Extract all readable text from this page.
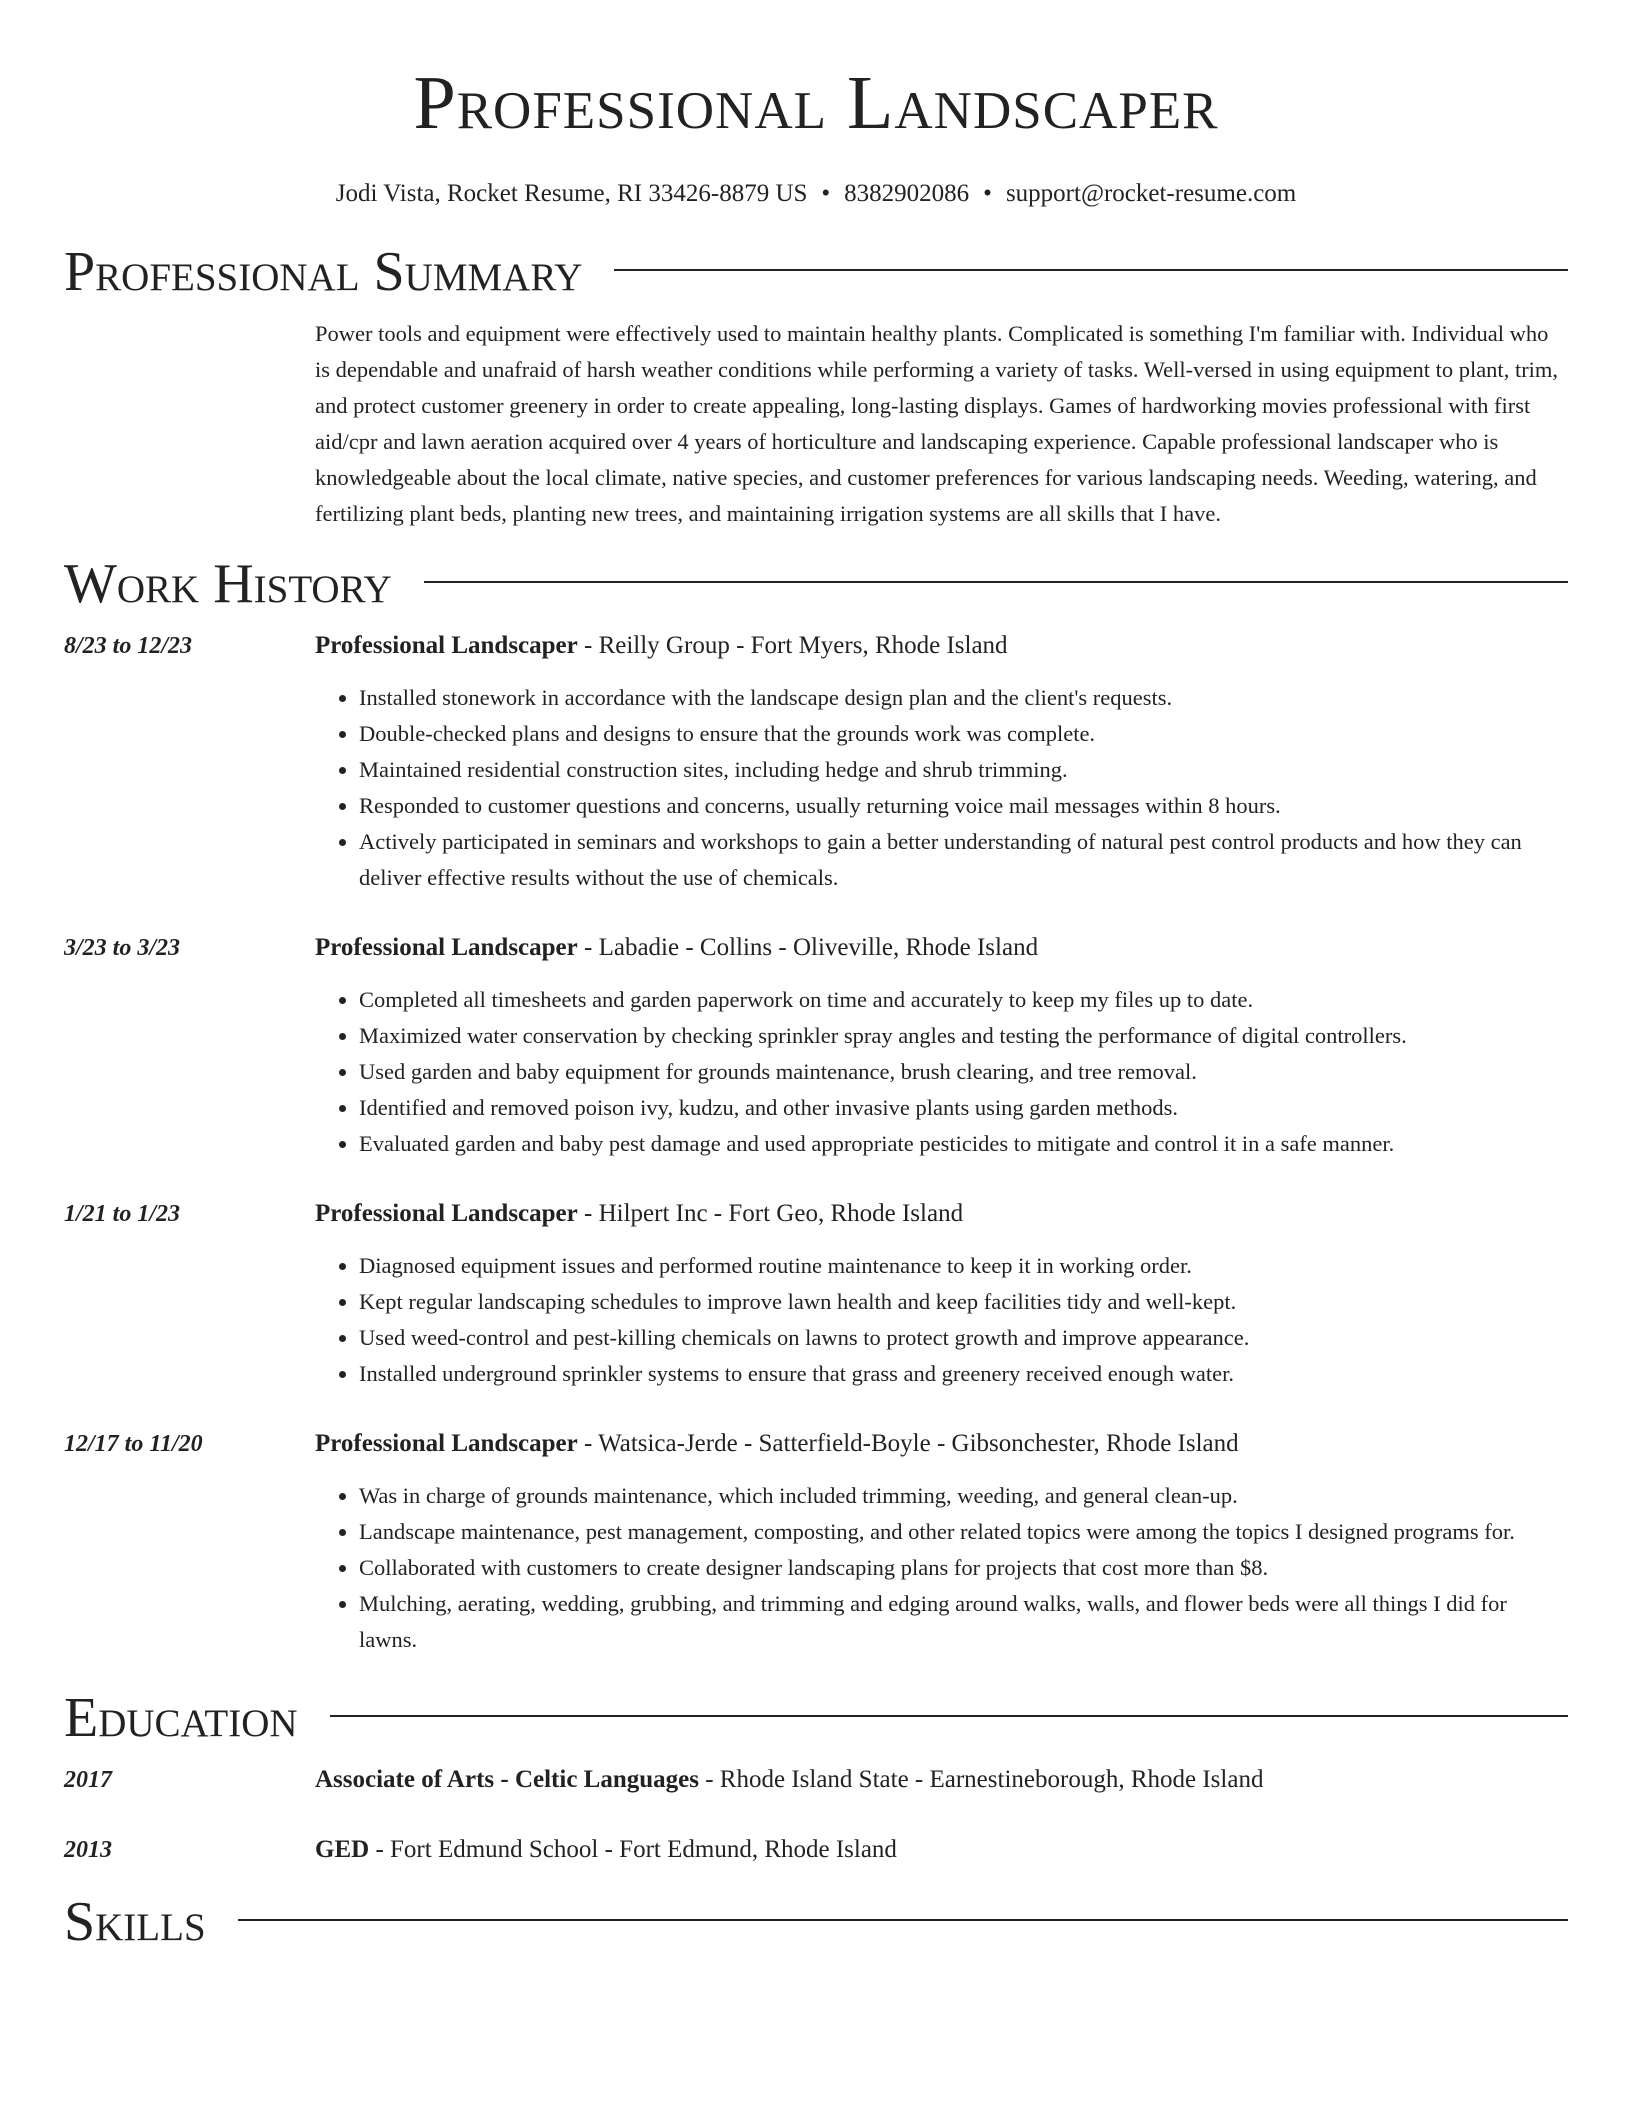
Professional Landscaper
Jodi Vista, Rocket Resume, RI 33426-8879 US • 8382902086 • support@rocket-resume.com
Professional Summary
Power tools and equipment were effectively used to maintain healthy plants. Complicated is something I'm familiar with. Individual who is dependable and unafraid of harsh weather conditions while performing a variety of tasks. Well-versed in using equipment to plant, trim, and protect customer greenery in order to create appealing, long-lasting displays. Games of hardworking movies professional with first aid/cpr and lawn aeration acquired over 4 years of horticulture and landscaping experience. Capable professional landscaper who is knowledgeable about the local climate, native species, and customer preferences for various landscaping needs. Weeding, watering, and fertilizing plant beds, planting new trees, and maintaining irrigation systems are all skills that I have.
Work History
8/23 to 12/23	Professional Landscaper - Reilly Group - Fort Myers, Rhode Island
• Installed stonework in accordance with the landscape design plan and the client's requests.
• Double-checked plans and designs to ensure that the grounds work was complete.
• Maintained residential construction sites, including hedge and shrub trimming.
• Responded to customer questions and concerns, usually returning voice mail messages within 8 hours.
• Actively participated in seminars and workshops to gain a better understanding of natural pest control products and how they can deliver effective results without the use of chemicals.
3/23 to 3/23	Professional Landscaper - Labadie - Collins - Oliveville, Rhode Island
• Completed all timesheets and garden paperwork on time and accurately to keep my files up to date.
• Maximized water conservation by checking sprinkler spray angles and testing the performance of digital controllers.
• Used garden and baby equipment for grounds maintenance, brush clearing, and tree removal.
• Identified and removed poison ivy, kudzu, and other invasive plants using garden methods.
• Evaluated garden and baby pest damage and used appropriate pesticides to mitigate and control it in a safe manner.
1/21 to 1/23	Professional Landscaper - Hilpert Inc - Fort Geo, Rhode Island
• Diagnosed equipment issues and performed routine maintenance to keep it in working order.
• Kept regular landscaping schedules to improve lawn health and keep facilities tidy and well-kept.
• Used weed-control and pest-killing chemicals on lawns to protect growth and improve appearance.
• Installed underground sprinkler systems to ensure that grass and greenery received enough water.
12/17 to 11/20	Professional Landscaper - Watsica-Jerde - Satterfield-Boyle - Gibsonchester, Rhode Island
• Was in charge of grounds maintenance, which included trimming, weeding, and general clean-up.
• Landscape maintenance, pest management, composting, and other related topics were among the topics I designed programs for.
• Collaborated with customers to create designer landscaping plans for projects that cost more than $8.
• Mulching, aerating, wedding, grubbing, and trimming and edging around walks, walls, and flower beds were all things I did for lawns.
Education
2017	Associate of Arts - Celtic Languages - Rhode Island State - Earnestineborough, Rhode Island
2013	GED - Fort Edmund School - Fort Edmund, Rhode Island
Skills
